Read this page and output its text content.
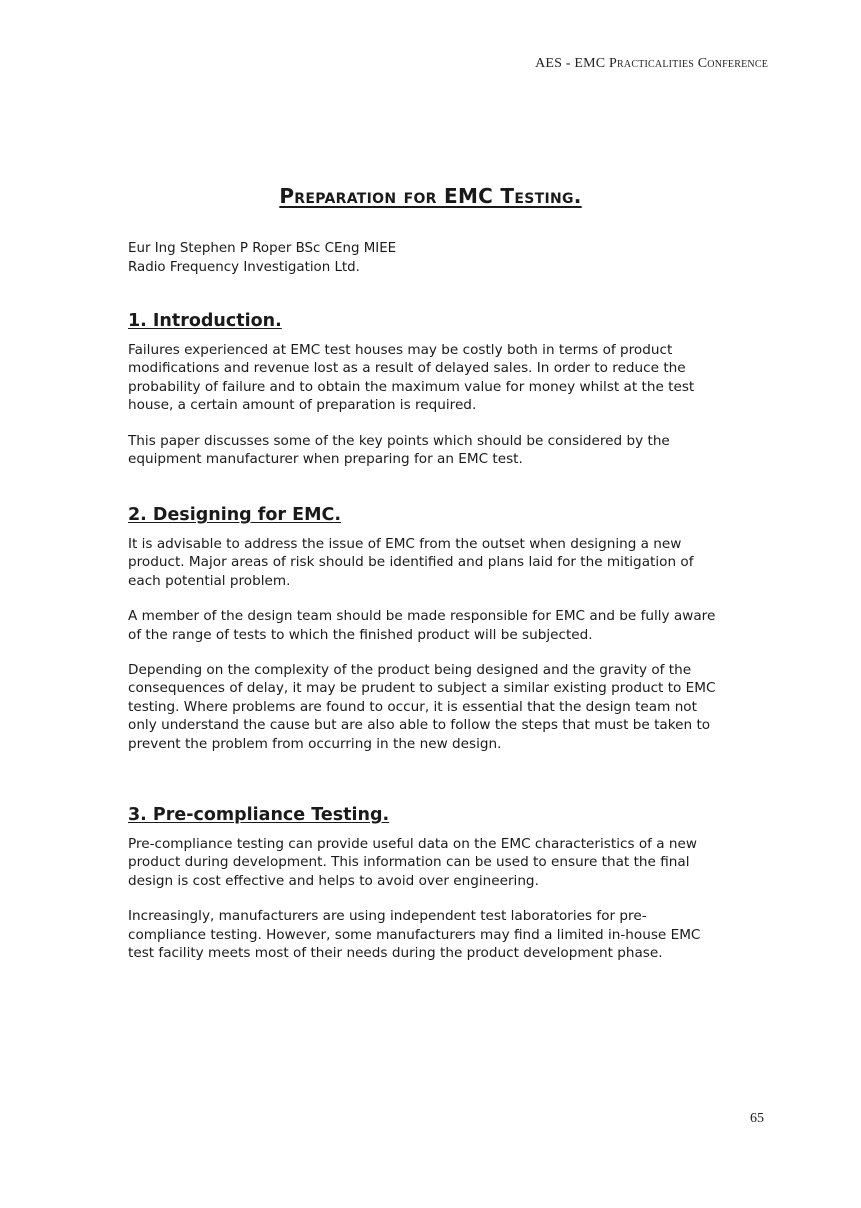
AES - EMC Practicalities Conference
Preparation for EMC Testing.
Eur Ing Stephen P Roper BSc CEng MIEE
Radio Frequency Investigation Ltd.
1. Introduction.

Failures experienced at EMC test houses may be costly both in terms of product modifications and revenue lost as a result of delayed sales. In order to reduce the probability of failure and to obtain the maximum value for money whilst at the test house, a certain amount of preparation is required.

This paper discusses some of the key points which should be considered by the equipment manufacturer when preparing for an EMC test.

2. Designing for EMC.

It is advisable to address the issue of EMC from the outset when designing a new product. Major areas of risk should be identified and plans laid for the mitigation of each potential problem.

A member of the design team should be made responsible for EMC and be fully aware of the range of tests to which the finished product will be subjected.

Depending on the complexity of the product being designed and the gravity of the consequences of delay, it may be prudent to subject a similar existing product to EMC testing. Where problems are found to occur, it is essential that the design team not only understand the cause but are also able to follow the steps that must be taken to prevent the problem from occurring in the new design.

3. Pre-compliance Testing.

Pre-compliance testing can provide useful data on the EMC characteristics of a new product during development. This information can be used to ensure that the final design is cost effective and helps to avoid over engineering.

Increasingly, manufacturers are using independent test laboratories for pre-compliance testing. However, some manufacturers may find a limited in-house EMC test facility meets most of their needs during the product development phase.

65
